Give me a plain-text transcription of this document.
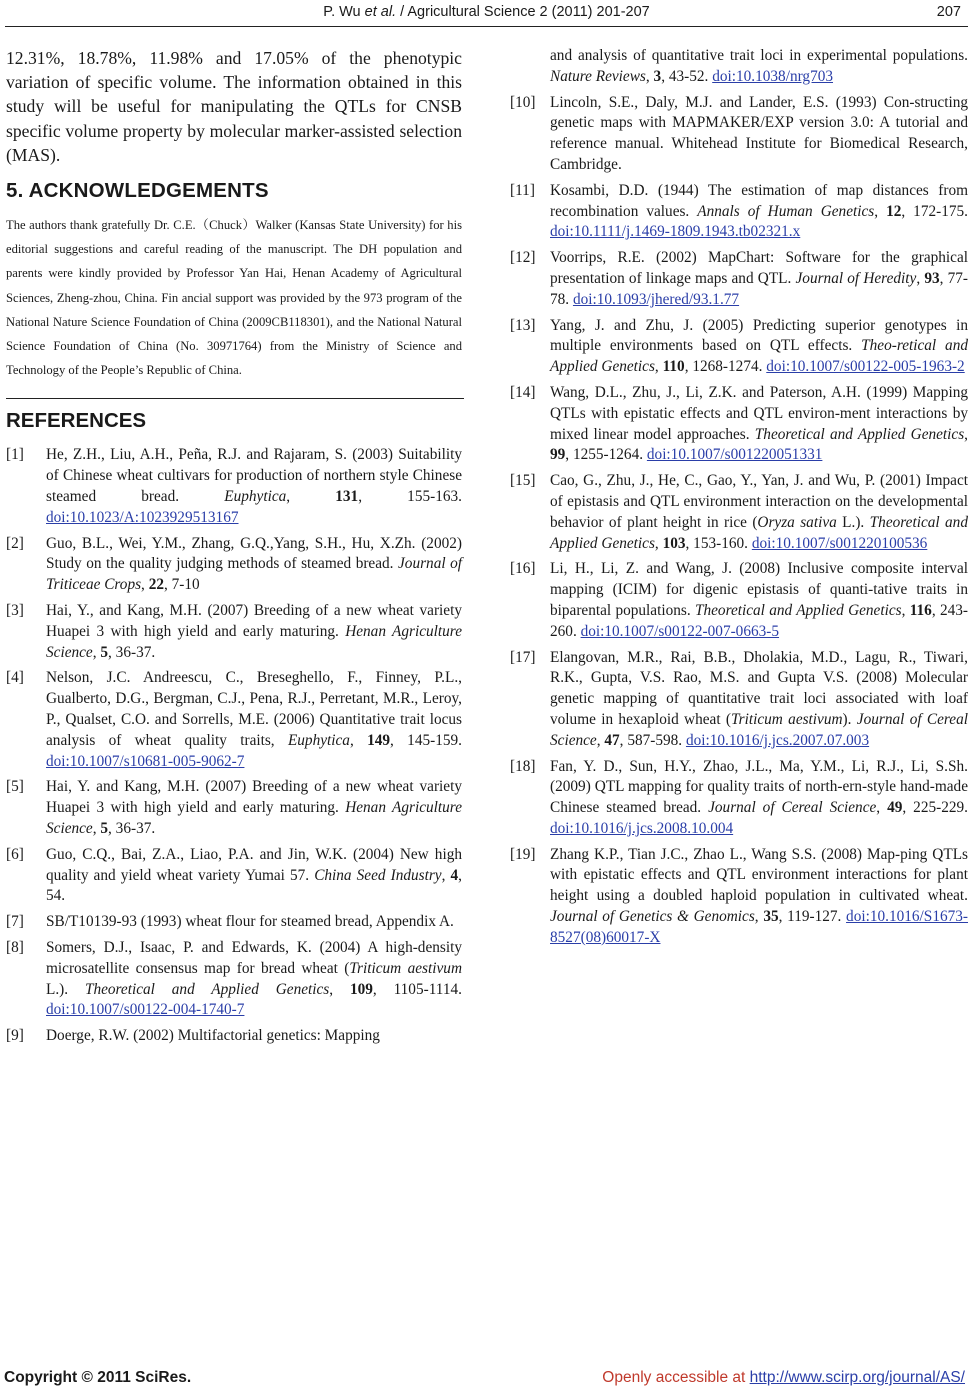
P. Wu et al. / Agricultural Science 2 (2011) 201-207	207

12.31%, 18.78%, 11.98% and 17.05% of the phenotypic variation of specific volume. The information obtained in this study will be useful for manipulating the QTLs for CNSB specific volume property by molecular marker-assisted selection (MAS).

5. ACKNOWLEDGEMENTS

The authors thank gratefully Dr. C.E.（Chuck）Walker (Kansas State University) for his editorial suggestions and careful reading of the manuscript. The DH population and parents were kindly provided by Professor Yan Hai, Henan Academy of Agricultural Sciences, Zheng-zhou, China. Fin ancial support was provided by the 973 program of the National Nature Science Foundation of China (2009CB118301), and the National Natural Science Foundation of China (No. 30971764) from the Ministry of Science and Technology of the People’s Republic of China.

REFERENCES
[1] He, Z.H., Liu, A.H., Peña, R.J. and Rajaram, S. (2003) Suitability of Chinese wheat cultivars for production of northern style Chinese steamed bread. Euphytica, 131, 155-163. doi:10.1023/A:1023929513167
[2] Guo, B.L., Wei, Y.M., Zhang, G.Q.,Yang, S.H., Hu, X.Zh. (2002) Study on the quality judging methods of steamed bread. Journal of Triticeae Crops, 22, 7-10
[3] Hai, Y., and Kang, M.H. (2007) Breeding of a new wheat variety Huapei 3 with high yield and early maturing. Henan Agriculture Science, 5, 36-37.
[4] Nelson, J.C. Andreescu, C., Breseghello, F., Finney, P.L., Gualberto, D.G., Bergman, C.J., Pena, R.J., Perretant, M.R., Leroy, P., Qualset, C.O. and Sorrells, M.E. (2006) Quantitative trait locus analysis of wheat quality traits, Euphytica, 149, 145-159. doi:10.1007/s10681-005-9062-7
[5] Hai, Y. and Kang, M.H. (2007) Breeding of a new wheat variety Huapei 3 with high yield and early maturing. Henan Agriculture Science, 5, 36-37.
[6] Guo, C.Q., Bai, Z.A., Liao, P.A. and Jin, W.K. (2004) New high quality and yield wheat variety Yumai 57. China Seed Industry, 4, 54.
[7] SB/T10139-93 (1993) wheat flour for steamed bread, Appendix A.
[8] Somers, D.J., Isaac, P. and Edwards, K. (2004) A high-density microsatellite consensus map for bread wheat (Triticum aestivum L.). Theoretical and Applied Genetics, 109, 1105-1114. doi:10.1007/s00122-004-1740-7
[9] Doerge, R.W. (2002) Multifactorial genetics: Mapping
and analysis of quantitative trait loci in experimental populations. Nature Reviews, 3, 43-52. doi:10.1038/nrg703
[10] Lincoln, S.E., Daly, M.J. and Lander, E.S. (1993) Con-structing genetic maps with MAPMAKER/EXP version 3.0: A tutorial and reference manual. Whitehead Institute for Biomedical Research, Cambridge.
[11] Kosambi, D.D. (1944) The estimation of map distances from recombination values. Annals of Human Genetics, 12, 172-175. doi:10.1111/j.1469-1809.1943.tb02321.x
[12] Voorrips, R.E. (2002) MapChart: Software for the graphical presentation of linkage maps and QTL. Journal of Heredity, 93, 77-78. doi:10.1093/jhered/93.1.77
[13] Yang, J. and Zhu, J. (2005) Predicting superior genotypes in multiple environments based on QTL effects. Theo-retical and Applied Genetics, 110, 1268-1274. doi:10.1007/s00122-005-1963-2
[14] Wang, D.L., Zhu, J., Li, Z.K. and Paterson, A.H. (1999) Mapping QTLs with epistatic effects and QTL environ-ment interactions by mixed linear model approaches. Theoretical and Applied Genetics, 99, 1255-1264. doi:10.1007/s001220051331
[15] Cao, G., Zhu, J., He, C., Gao, Y., Yan, J. and Wu, P. (2001) Impact of epistasis and QTL environment interaction on the developmental behavior of plant height in rice (Oryza sativa L.). Theoretical and Applied Genetics, 103, 153-160. doi:10.1007/s001220100536
[16] Li, H., Li, Z. and Wang, J. (2008) Inclusive composite interval mapping (ICIM) for digenic epistasis of quanti-tative traits in biparental populations. Theoretical and Applied Genetics, 116, 243-260. doi:10.1007/s00122-007-0663-5
[17] Elangovan, M.R., Rai, B.B., Dholakia, M.D., Lagu, R., Tiwari, R.K., Gupta, V.S. Rao, M.S. and Gupta V.S. (2008) Molecular genetic mapping of quantitative trait loci associated with loaf volume in hexaploid wheat (Triticum aestivum). Journal of Cereal Science, 47, 587-598. doi:10.1016/j.jcs.2007.07.003
[18] Fan, Y. D., Sun, H.Y., Zhao, J.L., Ma, Y.M., Li, R.J., Li, S.Sh. (2009) QTL mapping for quality traits of north-ern-style hand-made Chinese steamed bread. Journal of Cereal Science, 49, 225-229. doi:10.1016/j.jcs.2008.10.004
[19] Zhang K.P., Tian J.C., Zhao L., Wang S.S. (2008) Map-ping QTLs with epistatic effects and QTL environment interactions for plant height using a doubled haploid population in cultivated wheat. Journal of Genetics & Genomics, 35, 119-127. doi:10.1016/S1673-8527(08)60017-X
Copyright © 2011 SciRes.	Openly accessible at http://www.scirp.org/journal/AS/
